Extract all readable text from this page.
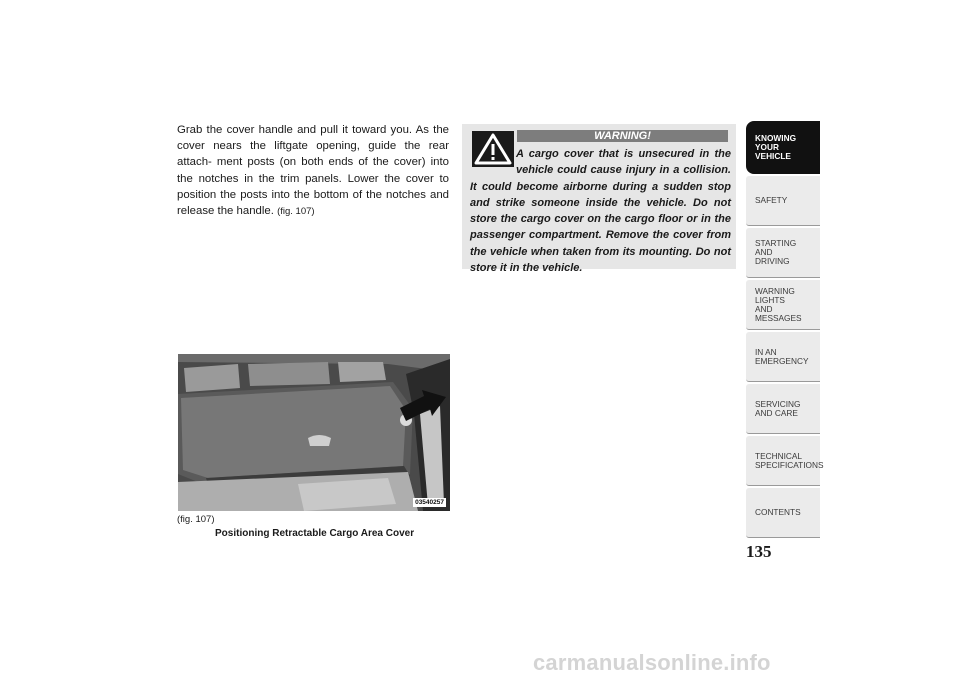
Grab the cover handle and pull it toward you. As the cover nears the liftgate opening, guide the rear attach- ment posts (on both ends of the cover) into the notches in the trim panels. Lower the cover to position the posts into the bottom of the notches and release the handle. (fig. 107)

WARNING!

A cargo cover that is unsecured in the vehicle could cause injury in a collision. It could become airborne during a sudden stop and strike someone inside the vehicle. Do not store the cargo cover on the cargo floor or in the passenger compartment. Remove the cover from the vehicle when taken from its mounting. Do not store it in the vehicle.

03540257
(fig. 107)
Positioning Retractable Cargo Area Cover
KNOWING
YOUR
VEHICLE
SAFETY
STARTING
AND
DRIVING
WARNING
LIGHTS
AND
MESSAGES
IN AN
EMERGENCY
SERVICING
AND CARE
TECHNICAL
SPECIFICATIONS
CONTENTS
135
carmanualsonline.info
